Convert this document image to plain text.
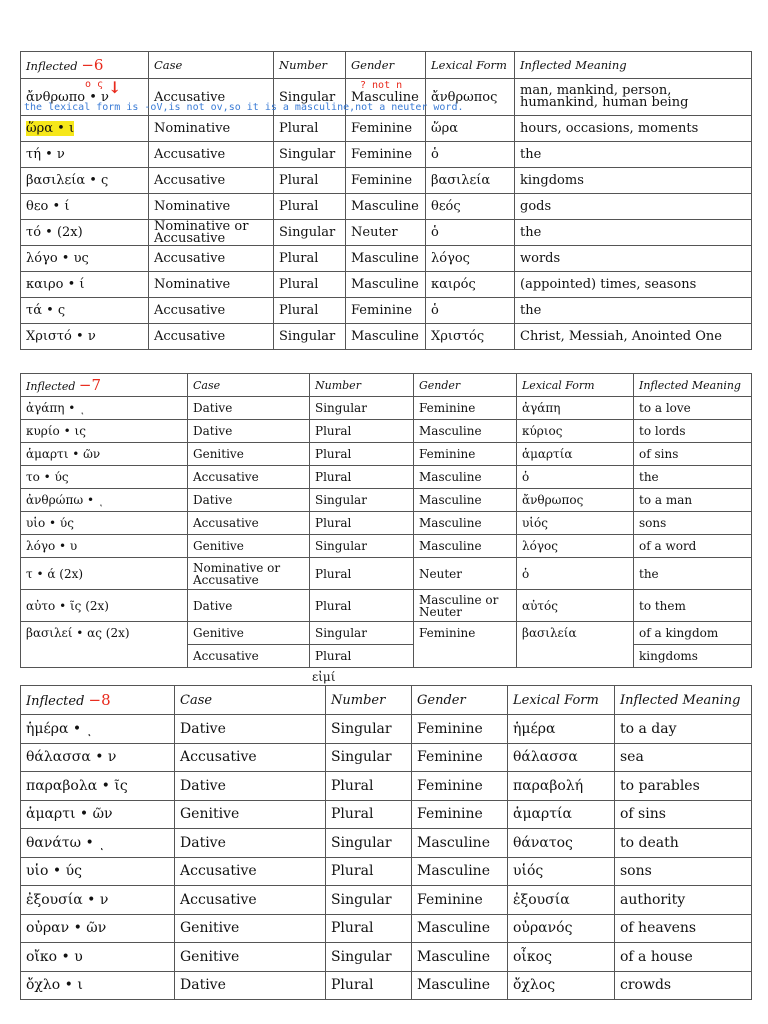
Inflected −6	Case	Number	Gender	Lexical Form	Inflected Meaning
ἄνθρωπο • ν	Accusative	Singular	Masculine	ἄνθρωπος	man, mankind, person, humankind, human being
ὥρα • ι	Nominative	Plural	Feminine	ὥρα	hours, occasions, moments
τή • ν	Accusative	Singular	Feminine	ὁ	the
βασιλεία • ς	Accusative	Plural	Feminine	βασιλεία	kingdoms
θεο • ί	Nominative	Plural	Masculine	θεός	gods
τό • (2x)	Nominative or Accusative	Singular	Neuter	ὁ	the
λόγο • υς	Accusative	Plural	Masculine	λόγος	words
καιρο • ί	Nominative	Plural	Masculine	καιρός	(appointed) times, seasons
τά • ς	Accusative	Plural	Feminine	ὁ	the
Χριστό • ν	Accusative	Singular	Masculine	Χριστός	Christ, Messiah, Anointed One
ο ς ↓	? not n
the lexical form is -oV,is not ov,so it is a masculine,not a neuter word.
Inflected −7	Case	Number	Gender	Lexical Form	Inflected Meaning
ἀγάπη • ͺ	Dative	Singular	Feminine	ἀγάπη	to a love
κυρίο • ις	Dative	Plural	Masculine	κύριος	to lords
ἁμαρτι • ῶν	Genitive	Plural	Feminine	ἁμαρτία	of sins
το • ύς	Accusative	Plural	Masculine	ὁ	the
ἀνθρώπω • ͺ	Dative	Singular	Masculine	ἄνθρωπος	to a man
υἱο • ύς	Accusative	Plural	Masculine	υἱός	sons
λόγο • υ	Genitive	Singular	Masculine	λόγος	of a word
τ • ά (2x)	Nominative or Accusative	Plural	Neuter	ὁ	the
αὐτο • ῖς (2x)	Dative	Plural	Masculine or Neuter	αὐτός	to them
βασιλεί • ας (2x)	Genitive	Singular	Feminine	βασιλεία	of a kingdom
	Accusative	Plural			kingdoms
εἰμί
Inflected −8	Case	Number	Gender	Lexical Form	Inflected Meaning
ἡμέρα • ͺ	Dative	Singular	Feminine	ἡμέρα	to a day
θάλασσα • ν	Accusative	Singular	Feminine	θάλασσα	sea
παραβολα • ῖς	Dative	Plural	Feminine	παραβολή	to parables
ἁμαρτι • ῶν	Genitive	Plural	Feminine	ἁμαρτία	of sins
θανάτω • ͺ	Dative	Singular	Masculine	θάνατος	to death
υἱο • ύς	Accusative	Plural	Masculine	υἱός	sons
ἐξουσία • ν	Accusative	Singular	Feminine	ἐξουσία	authority
οὐραν • ῶν	Genitive	Plural	Masculine	οὐρανός	of heavens
οἴκο • υ	Genitive	Singular	Masculine	οἶκος	of a house
ὄχλο • ι	Dative	Plural	Masculine	ὄχλος	crowds
